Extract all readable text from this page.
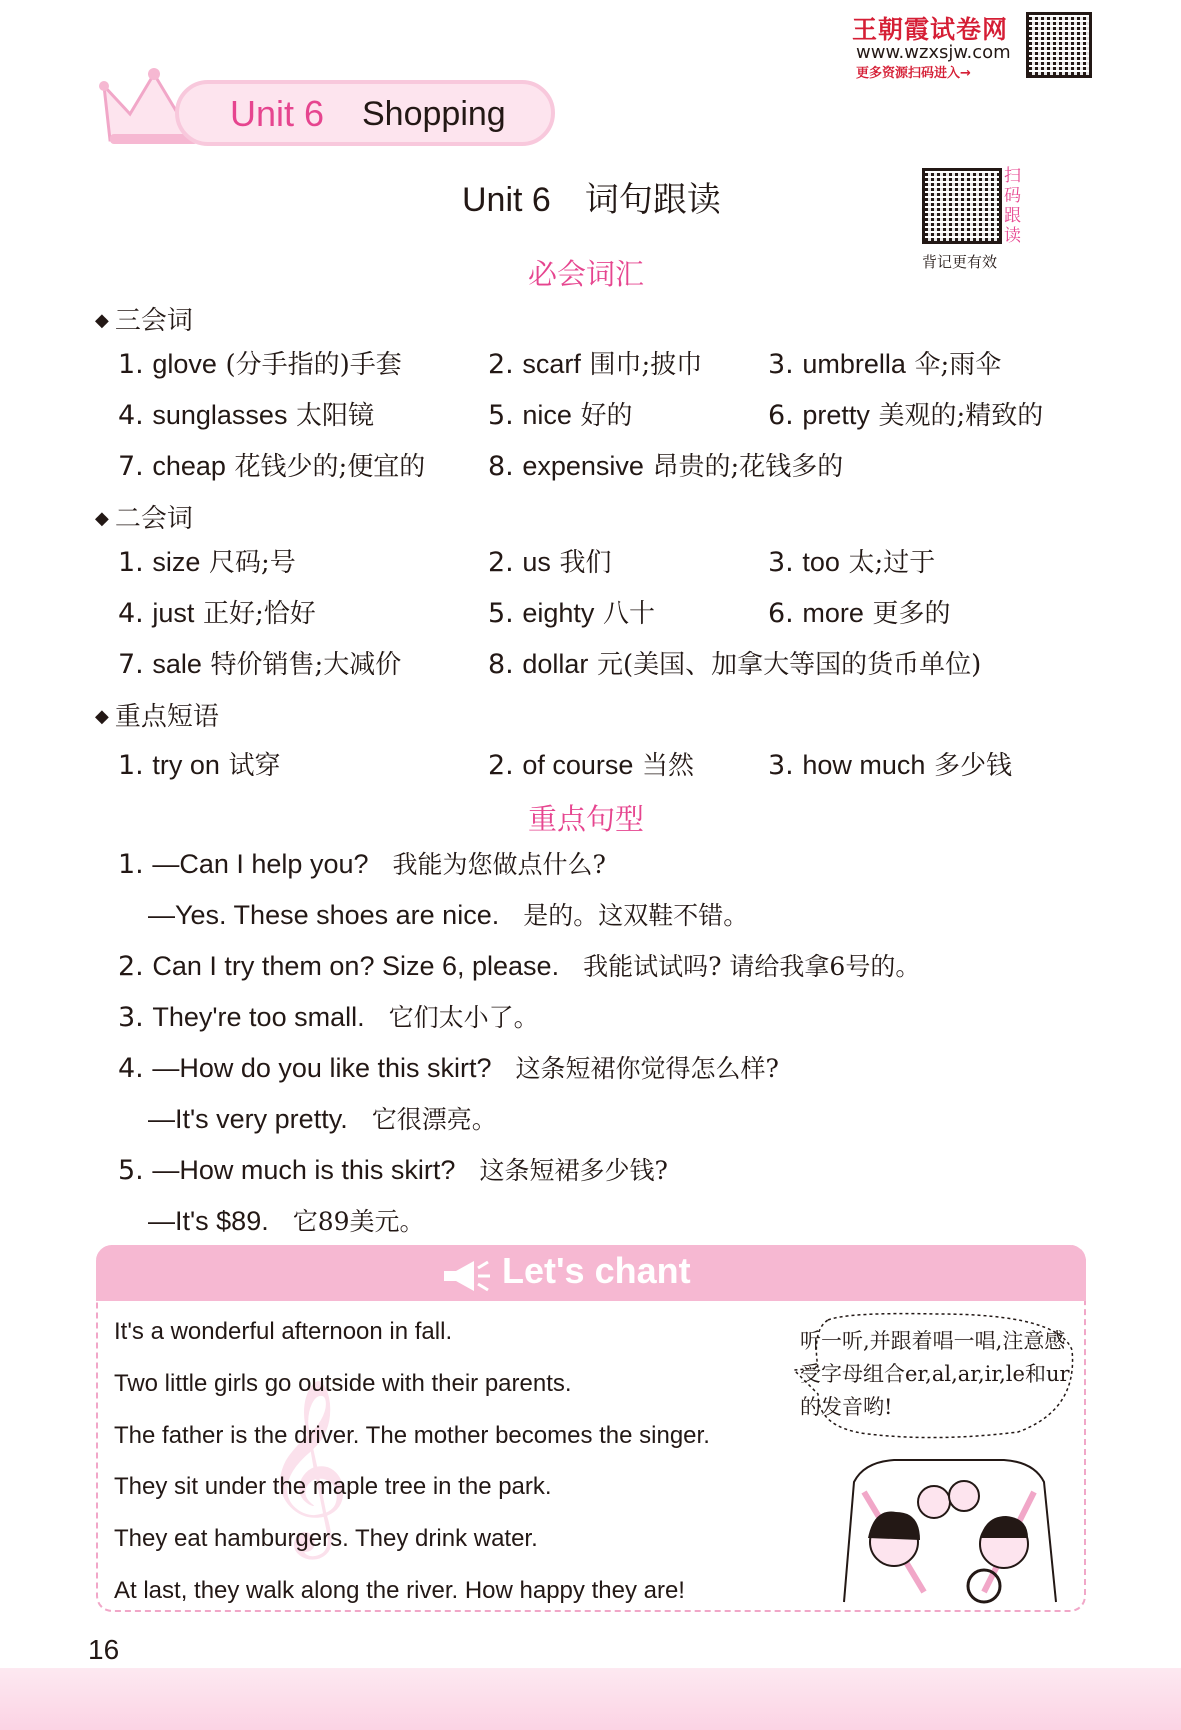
王朝霞试卷网
www.wzxsjw.com
更多资源扫码进入→
Unit 6 Shopping
Unit 6　词句跟读
扫码跟读
背记更有效
必会词汇
◆ 三会词
1. glove (分手指的)手套	2. scarf 围巾;披巾 3. umbrella 伞;雨伞
4. sunglasses 太阳镜	5. nice 好的	6. pretty 美观的;精致的
7. cheap 花钱少的;便宜的 8. expensive 昂贵的;花钱多的
◆ 二会词
1. size 尺码;号	2. us 我们	3. too 太;过于
4. just 正好;恰好	5. eighty 八十	6. more 更多的
7. sale 特价销售;大减价	8. dollar 元(美国、加拿大等国的货币单位)
◆ 重点短语
1. try on 试穿	2. of course 当然	3. how much 多少钱
重点句型
1. —Can I help you? 我能为您做点什么?
—Yes. These shoes are nice. 是的。这双鞋不错。
2. Can I try them on? Size 6, please. 我能试试吗? 请给我拿6号的。
3. They're too small. 它们太小了。
4. —How do you like this skirt? 这条短裙你觉得怎么样?
—It's very pretty. 它很漂亮。
5. —How much is this skirt? 这条短裙多少钱?
—It's $89. 它89美元。
Let's chant
𝄞
It's a wonderful afternoon in fall.
Two little girls go outside with their parents.
The father is the driver. The mother becomes the singer.
They sit under the maple tree in the park.
They eat hamburgers. They drink water.
At last, they walk along the river. How happy they are!
听一听,并跟着唱一唱,注意感受字母组合er,al,ar,ir,le和ur的发音哟!
16
